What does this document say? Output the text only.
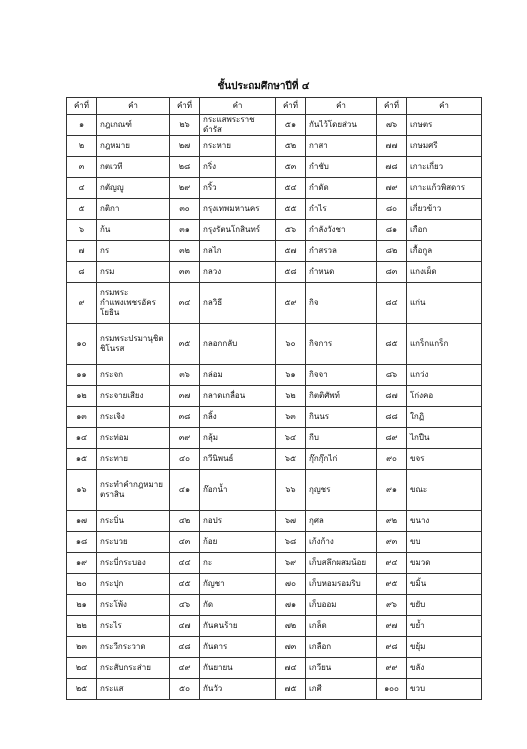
ชั้นประถมศึกษาปีที่ ๔
คำที่	คำ	คำที่	คำ	คำที่	คำ	คำที่	คำ
๑	กฎเกณฑ์	๒๖	กระแสพระราชดำรัส	๕๑	กันไว้โดยส่วน	๗๖	เกษตร
๒	กฎหมาย	๒๗	กระหาย	๕๒	กาสา	๗๗	เกษมศรี
๓	กตเวที	๒๘	กริ่ง	๕๓	กำชับ	๗๘	เกาะเกี่ยว
๔	กตัญญู	๒๙	กริ้ว	๕๔	กำดัด	๗๙	เกาะแก้วพิสดาร
๕	กติกา	๓๐	กรุงเทพมหานคร	๕๕	กำไร	๘๐	เกี่ยวข้าว
๖	ก้น	๓๑	กรุงรัตนโกสินทร์	๕๖	กำลังวังชา	๘๑	เกือก
๗	กร	๓๒	กลไก	๕๗	กำสรวล	๘๒	เกื้อกูล
๘	กรม	๓๓	กลวง	๕๘	กำหนด	๘๓	แกงเผ็ด
๙	กรมพระกำแพงเพชรอัครโยธิน	๓๔	กลวิธี	๕๙	กิจ	๘๔	แก่น
๑๐	กรมพระปรมานุชิตชิโนรส	๓๕	กลอกกลับ	๖๐	กิจการ	๘๕	แกร็กแกร็ก
๑๑	กระจก	๓๖	กล่อม	๖๑	กิจจา	๘๖	แกว่ง
๑๒	กระจายเสียง	๓๗	กลาดเกลื่อน	๖๒	กิตติศัพท์	๘๗	โก่งคอ
๑๓	กระเจิง	๓๘	กลิ้ง	๖๓	กินนร	๘๘	ใกฏิ
๑๔	กระท่อม	๓๙	กลุ้ม	๖๔	กีบ	๘๙	ไกปืน
๑๕	กระทาย	๔๐	กวีนิพนธ์	๖๕	กุ๊กกุ๊กไก่	๙๐	ขจร
๑๖	กระทำคำกฎหมายตราสิน	๔๑	ก๊อกน้ำ	๖๖	กุญชร	๙๑	ขณะ
๑๗	กระบิ่น	๔๒	กอปร	๖๗	กุศล	๙๒	ขนาง
๑๘	กระบวย	๔๓	ก้อย	๖๘	เก้งก้าง	๙๓	ขบ
๑๙	กระบี่กระบอง	๔๔	กะ	๖๙	เก็บสลึกผสมน้อย	๙๔	ขมวด
๒๐	กระปุก	๔๕	กัญชา	๗๐	เก็บหอมรอมริบ	๙๕	ขมิ้น
๒๑	กระโพ้ง	๔๖	กัด	๗๑	เก็บออม	๙๖	ขยับ
๒๒	กระไร	๔๗	กันคนร้าย	๗๒	เกล็ด	๙๗	ขย้ำ
๒๓	กระวีกระวาด	๔๘	กันดาร	๗๓	เกลือก	๙๘	ขยุ้ม
๒๔	กระสับกระส่าย	๔๙	กันยายน	๗๔	เกวียน	๙๙	ขลัง
๒๕	กระแส	๕๐	กันวัว	๗๕	เกศี	๑๐๐	ขวบ
